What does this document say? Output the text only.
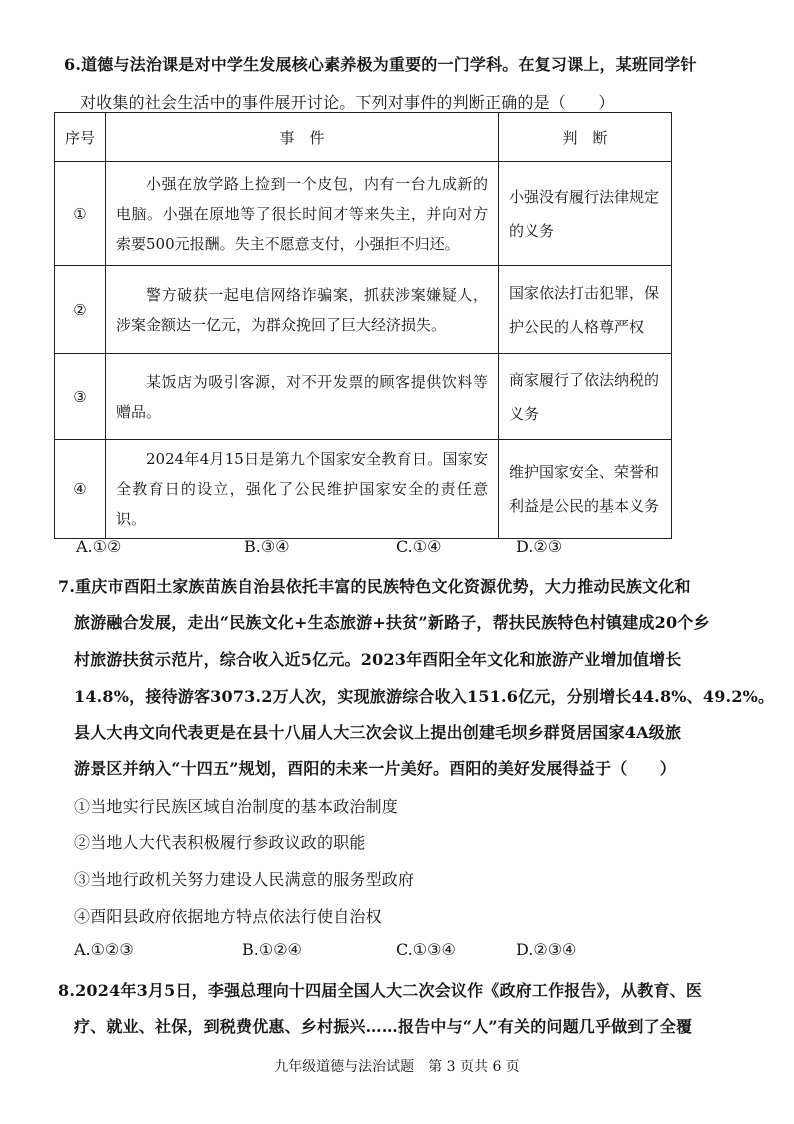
6.道德与法治课是对中学生发展核心素养极为重要的一门学科。在复习课上，某班同学针
对收集的社会生活中的事件展开讨论。下列对事件的判断正确的是（　　）
序号	事　件	判　断
①	小强在放学路上捡到一个皮包，内有一台九成新的电脑。小强在原地等了很长时间才等来失主，并向对方索要500元报酬。失主不愿意支付，小强拒不归还。	小强没有履行法律规定的义务
②	警方破获一起电信网络诈骗案，抓获涉案嫌疑人，涉案金额达一亿元，为群众挽回了巨大经济损失。	国家依法打击犯罪，保护公民的人格尊严权
③	某饭店为吸引客源，对不开发票的顾客提供饮料等赠品。	商家履行了依法纳税的义务
④	2024年4月15日是第九个国家安全教育日。国家安全教育日的设立，强化了公民维护国家安全的责任意识。	维护国家安全、荣誉和利益是公民的基本义务
A.①②	B.③④	C.①④	D.②③
7.重庆市酉阳土家族苗族自治县依托丰富的民族特色文化资源优势，大力推动民族文化和
旅游融合发展，走出“民族文化+生态旅游+扶贫”新路子，帮扶民族特色村镇建成20个乡
村旅游扶贫示范片，综合收入近5亿元。2023年酉阳全年文化和旅游产业增加值增长
14.8%，接待游客3073.2万人次，实现旅游综合收入151.6亿元，分别增长44.8%、49.2%。
县人大冉文向代表更是在县十八届人大三次会议上提出创建毛坝乡群贤居国家4A级旅
游景区并纳入“十四五”规划，酉阳的未来一片美好。酉阳的美好发展得益于（　　）
①当地实行民族区域自治制度的基本政治制度
②当地人大代表积极履行参政议政的职能
③当地行政机关努力建设人民满意的服务型政府
④酉阳县政府依据地方特点依法行使自治权
A.①②③	B.①②④	C.①③④	D.②③④
8.2024年3月5日，李强总理向十四届全国人大二次会议作《政府工作报告》，从教育、医
疗、就业、社保，到税费优惠、乡村振兴……报告中与“人”有关的问题几乎做到了全覆
九年级道德与法治试题　第 3 页共 6 页
